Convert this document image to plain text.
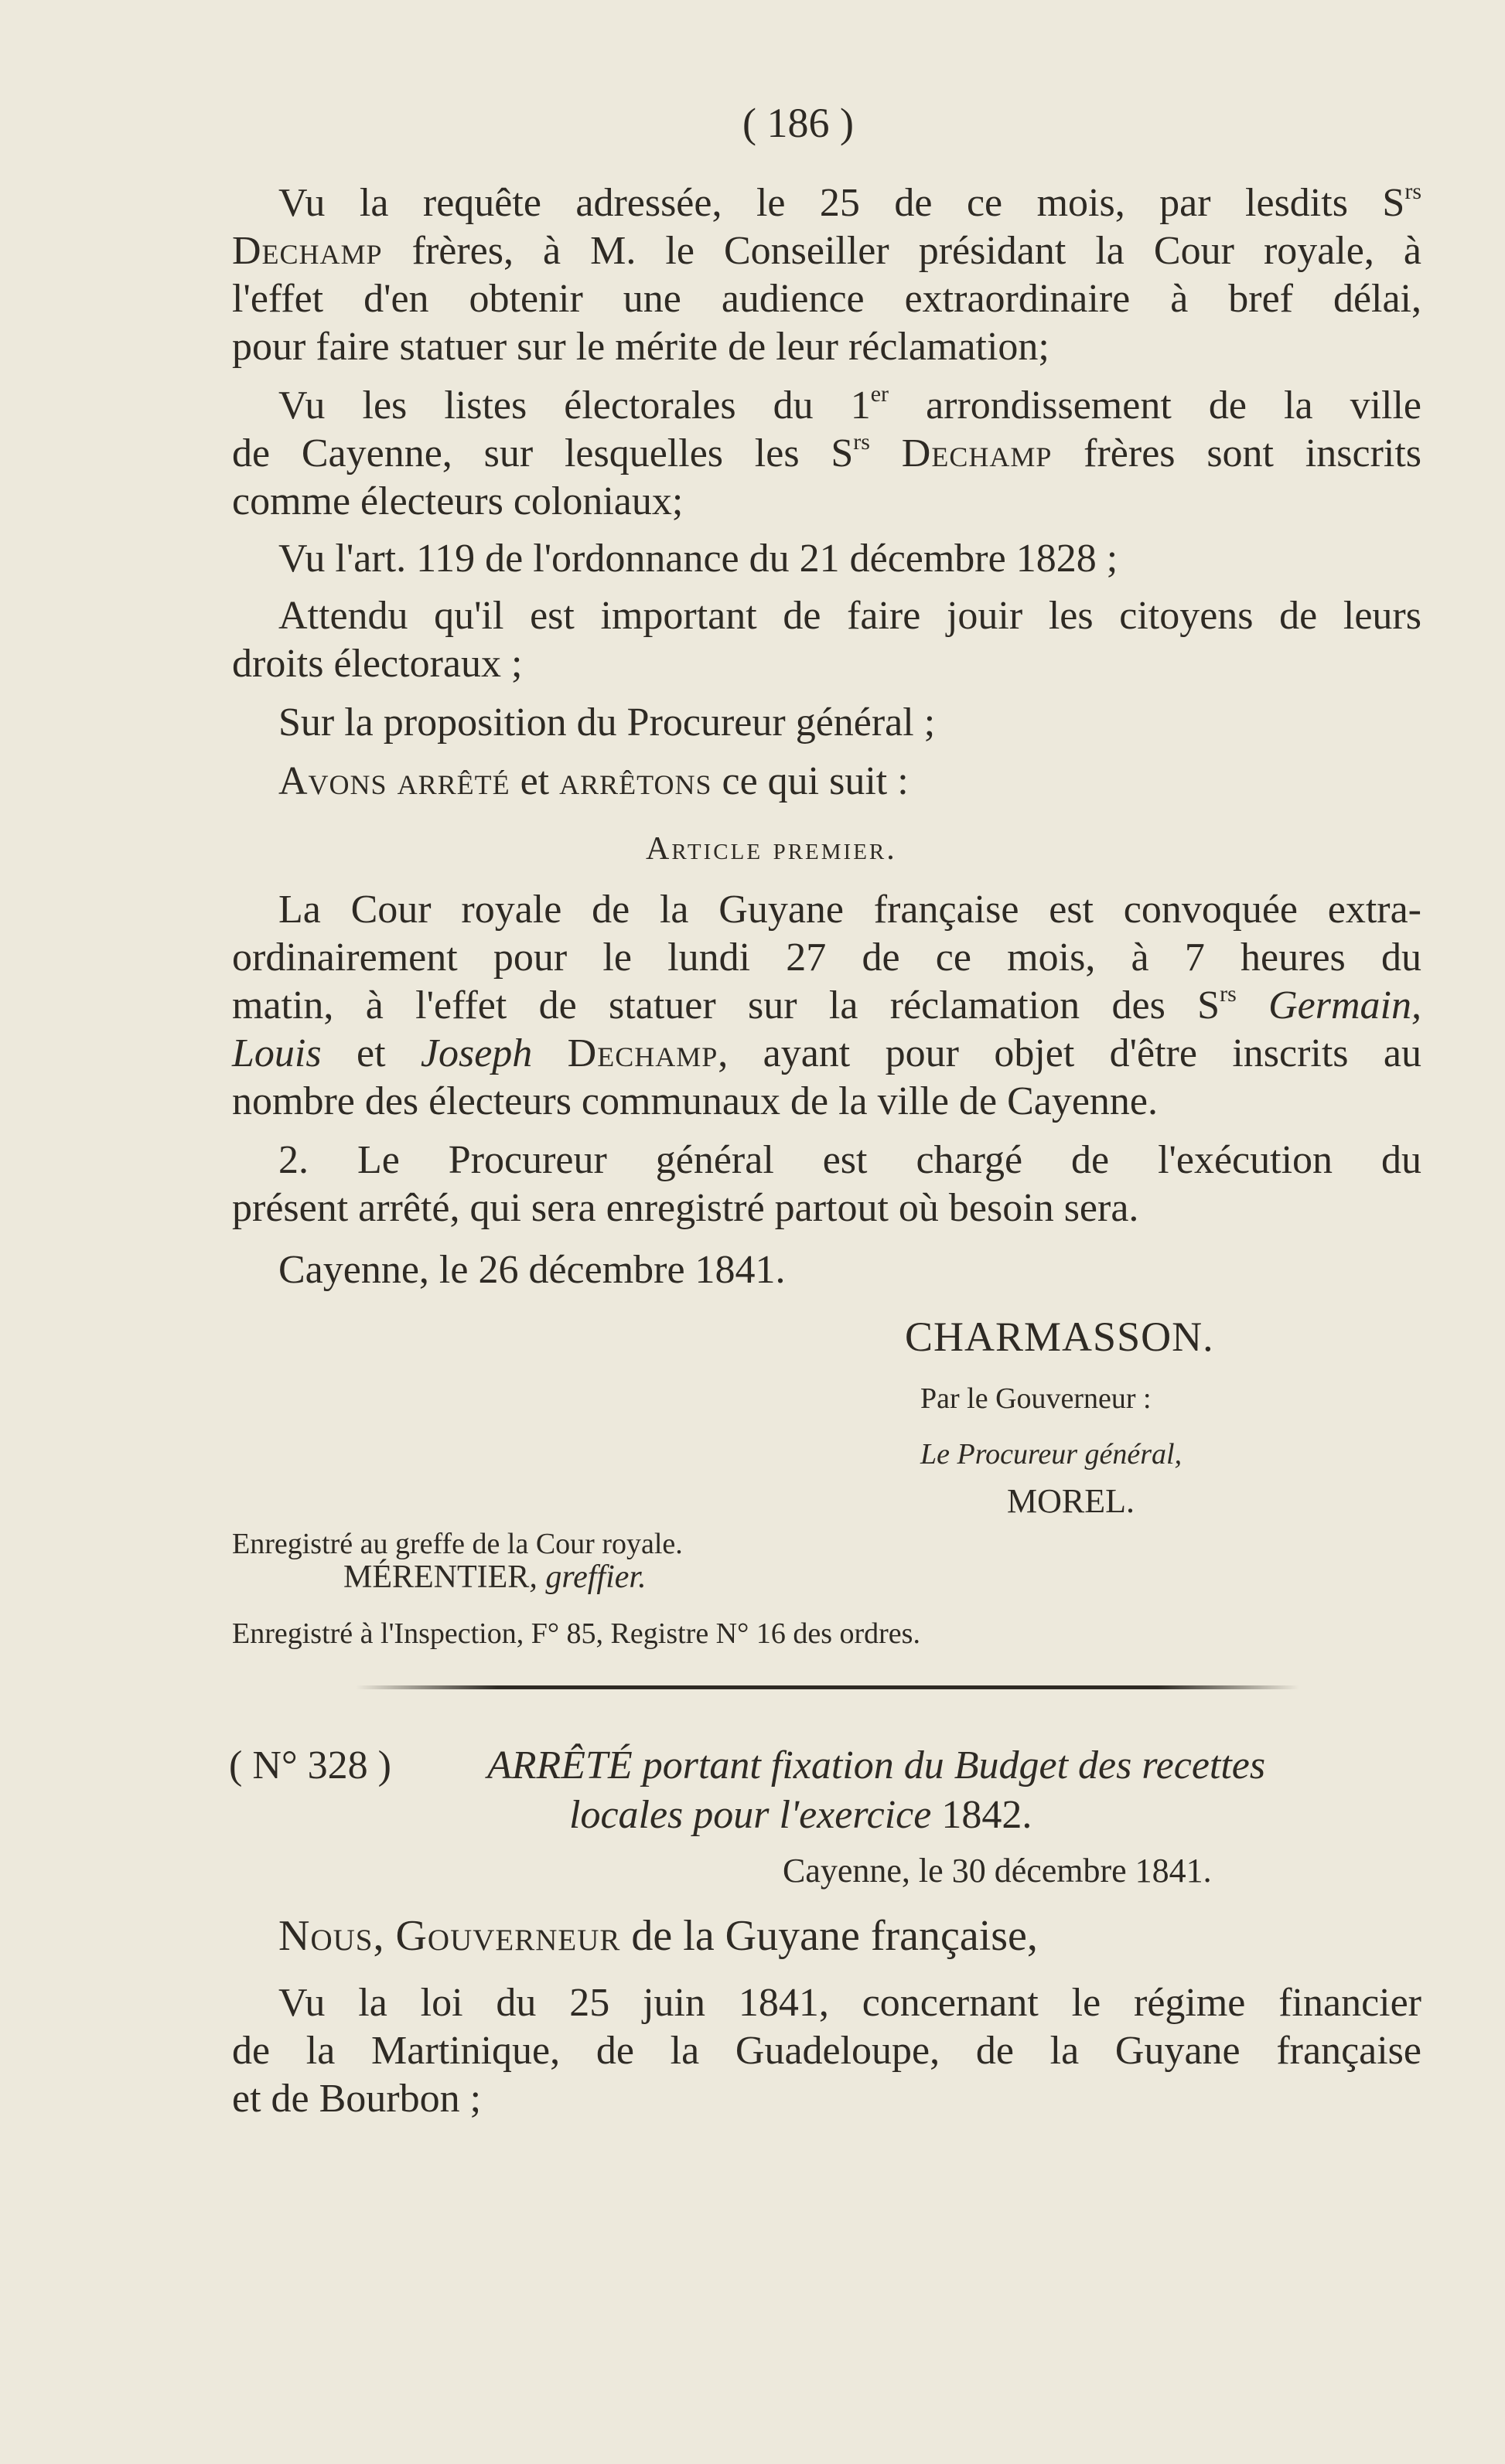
( 186 )
Vu la requête adressée, le 25 de ce mois, par lesdits $S^{rs}$
Dechamp frères, à M. le Conseiller présidant la Cour royale, à
l'effet d'en obtenir une audience extraordinaire à bref délai,
pour faire statuer sur le mérite de leur réclamation;
Vu les listes électorales du 1er arrondissement de la ville
de Cayenne, sur lesquelles les $S^{rs}$ Dechamp frères sont inscrits
comme électeurs coloniaux;
Vu l'art. 119 de l'ordonnance du 21 décembre 1828 ;
Attendu qu'il est important de faire jouir les citoyens de leurs
droits électoraux ;
Sur la proposition du Procureur général ;
Avons arrêté et arrêtons ce qui suit :
Article premier.
La Cour royale de la Guyane française est convoquée extra-
ordinairement pour le lundi 27 de ce mois, à 7 heures du
matin, à l'effet de statuer sur la réclamation des $S^{rs}$ Germain,
Louis et Joseph Dechamp, ayant pour objet d'être inscrits au
nombre des électeurs communaux de la ville de Cayenne.
2. Le Procureur général est chargé de l'exécution du
présent arrêté, qui sera enregistré partout où besoin sera.
Cayenne, le 26 décembre 1841.
CHARMASSON.
Par le Gouverneur :
Le Procureur général,
MOREL.
Enregistré au greffe de la Cour royale.
MÉRENTIER, greffier.
Enregistré à l'Inspection, F° 85, Registre N° 16 des ordres.
( N° 328 ) ARRÊTÉ portant fixation du Budget des recettes
locales pour l'exercice 1842.
Cayenne, le 30 décembre 1841.
Nous, Gouverneur de la Guyane française,
Vu la loi du 25 juin 1841, concernant le régime financier
de la Martinique, de la Guadeloupe, de la Guyane française
et de Bourbon ;
